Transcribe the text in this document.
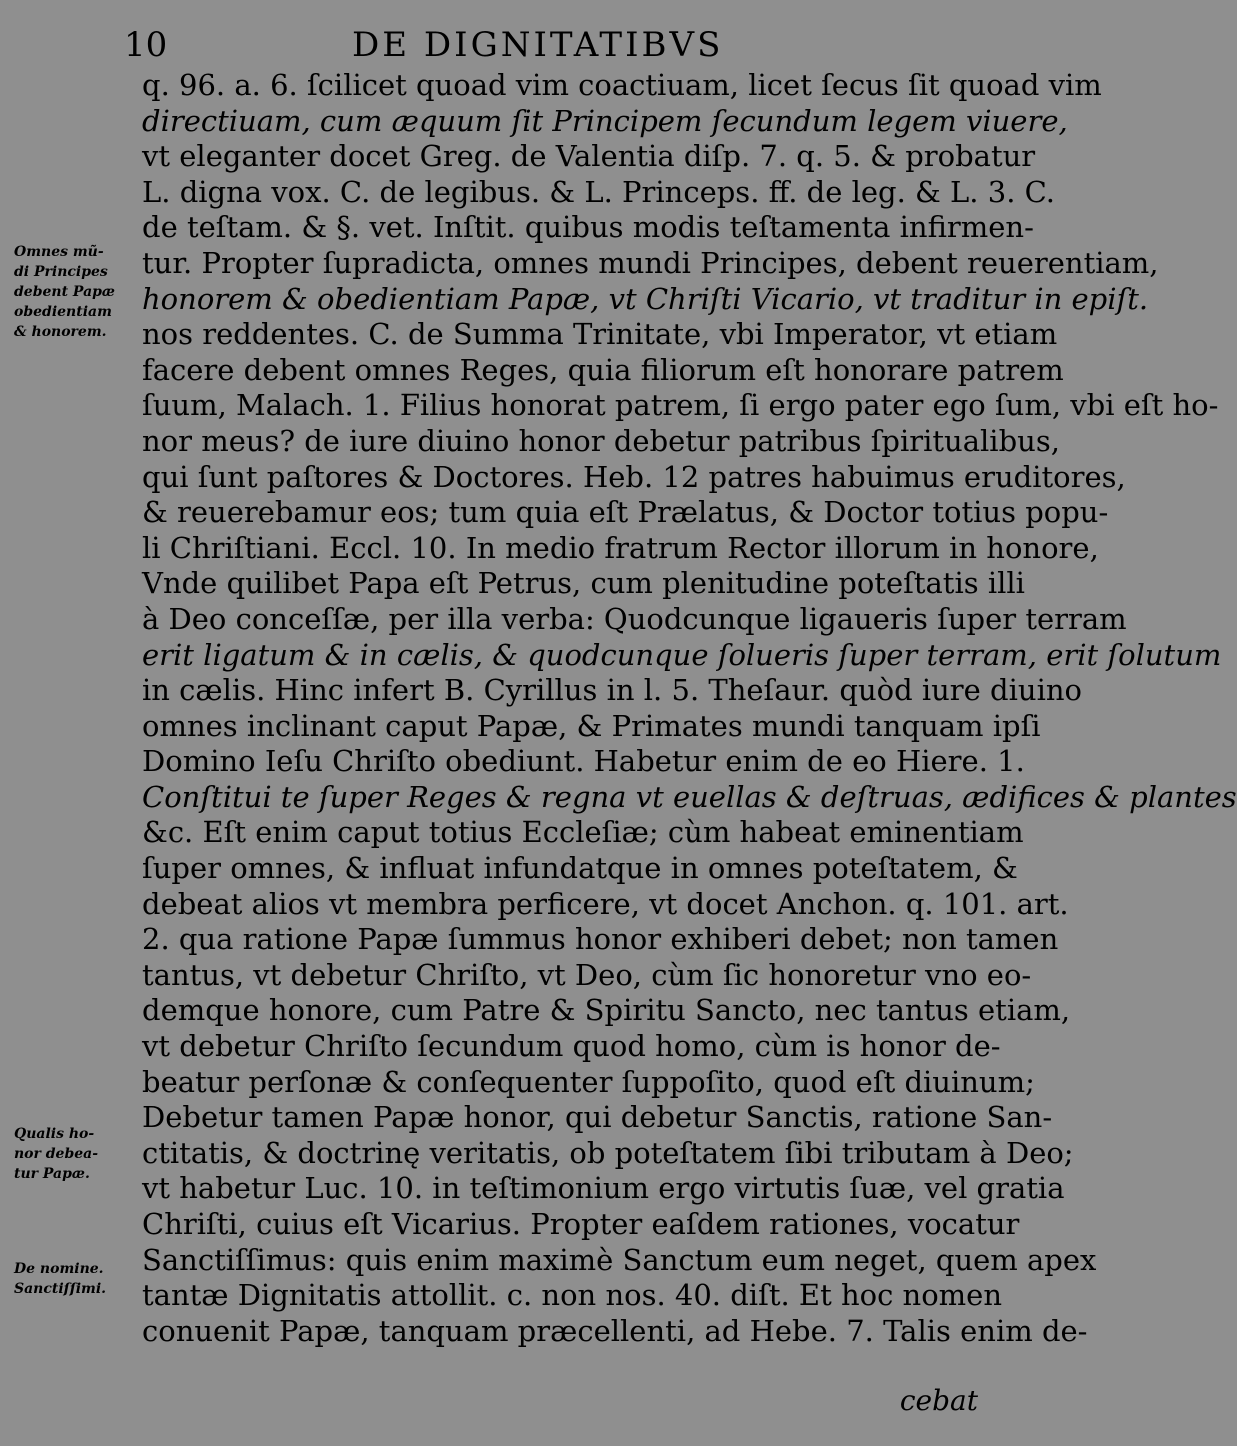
10	DE DIGNITATIBVS
Omnes mũ-
di Principes
debent Papæ
obedientiam
& honorem.
Qualis ho-
nor debea-
tur Papæ.
De nomine.
Sanctiſſimi.
q. 96. a. 6. ſcilicet quoad vim coactiuam, licet ſecus ſit quoad vim
directiuam, cum æquum ſit Principem ſecundum legem viuere,
vt eleganter docet Greg. de Valentia diſp. 7. q. 5. & probatur
L. digna vox. C. de legibus. & L. Princeps. ff. de leg. & L. 3. C.
de teſtam. & §. vet. Inſtit. quibus modis teſtamenta infirmen-
tur. Propter ſupradicta, omnes mundi Principes, debent reuerentiam,
honorem & obedientiam Papæ, vt Chriſti Vicario, vt traditur in epiſt.
nos reddentes. C. de Summa Trinitate, vbi Imperator, vt etiam
facere debent omnes Reges, quia filiorum eſt honorare patrem
ſuum, Malach. 1. Filius honorat patrem, ſi ergo pater ego ſum, vbi eſt ho-
nor meus? de iure diuino honor debetur patribus ſpiritualibus,
qui ſunt paſtores & Doctores. Heb. 12 patres habuimus eruditores,
& reuerebamur eos; tum quia eſt Prælatus, & Doctor totius popu-
li Chriſtiani. Eccl. 10. In medio fratrum Rector illorum in honore,
Vnde quilibet Papa eſt Petrus, cum plenitudine poteſtatis illi
à Deo conceſſæ, per illa verba: Quodcunque ligaueris ſuper terram
erit ligatum & in cælis, & quodcunque ſolueris ſuper terram, erit ſolutum
in cælis. Hinc infert B. Cyrillus in l. 5. Theſaur. quòd iure diuino
omnes inclinant caput Papæ, & Primates mundi tanquam ipſi
Domino Ieſu Chriſto obediunt. Habetur enim de eo Hiere. 1.
Conſtitui te ſuper Reges & regna vt euellas & deſtruas, ædifices & plantes
&c. Eſt enim caput totius Eccleſiæ; cùm habeat eminentiam
ſuper omnes, & influat infundatque in omnes poteſtatem, &
debeat alios vt membra perficere, vt docet Anchon. q. 101. art.
2. qua ratione Papæ ſummus honor exhiberi debet; non tamen
tantus, vt debetur Chriſto, vt Deo, cùm ſic honoretur vno eo-
demque honore, cum Patre & Spiritu Sancto, nec tantus etiam,
vt debetur Chriſto ſecundum quod homo, cùm is honor de-
beatur perſonæ & conſequenter ſuppoſito, quod eſt diuinum;
Debetur tamen Papæ honor, qui debetur Sanctis, ratione San-
ctitatis, & doctrinę veritatis, ob poteſtatem ſibi tributam à Deo;
vt habetur Luc. 10. in teſtimonium ergo virtutis ſuæ, vel gratia
Chriſti, cuius eſt Vicarius. Propter eaſdem rationes, vocatur
Sanctiſſimus: quis enim maximè Sanctum eum neget, quem apex
tantæ Dignitatis attollit. c. non nos. 40. diſt. Et hoc nomen
conuenit Papæ, tanquam præcellenti, ad Hebe. 7. Talis enim de-
cebat
